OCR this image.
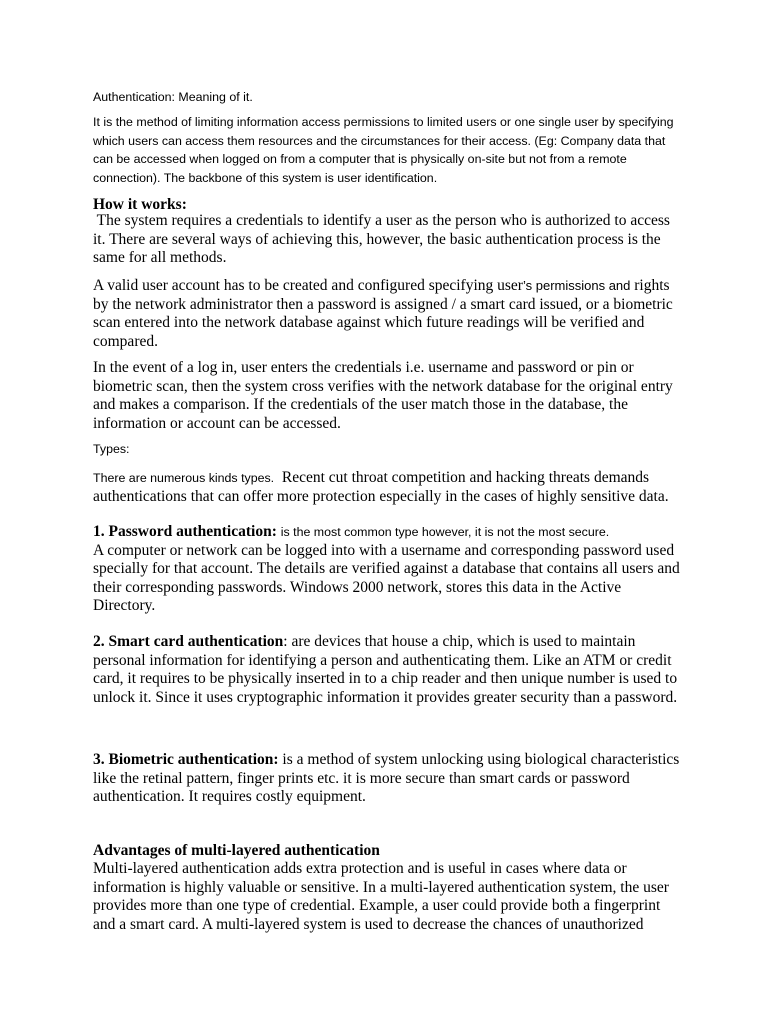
Authentication: Meaning of it.

It is the method of limiting information access permissions to limited users or one single user by specifying which users can access them resources and the circumstances for their access. (Eg: Company data that can be accessed when logged on from a computer that is physically on-site but not from a remote connection). The backbone of this system is user identification.

How it works:

The system requires a credentials to identify a user as the person who is authorized to access it. There are several ways of achieving this, however, the basic authentication process is the same for all methods.

A valid user account has to be created and configured specifying user’s permissions and rights by the network administrator then a password is assigned / a smart card issued, or a biometric scan entered into the network database against which future readings will be verified and compared.

In the event of a log in, user enters the credentials i.e. username and password or pin or biometric scan, then the system cross verifies with the network database for the original entry and makes a comparison. If the credentials of the user match those in the database, the information or account can be accessed.

Types:

There are numerous kinds types. Recent cut throat competition and hacking threats demands authentications that can offer more protection especially in the cases of highly sensitive data.

1. Password authentication: is the most common type however, it is not the most secure.
A computer or network can be logged into with a username and corresponding password used specially for that account. The details are verified against a database that contains all users and their corresponding passwords. Windows 2000 network, stores this data in the Active Directory.

2. Smart card authentication: are devices that house a chip, which is used to maintain personal information for identifying a person and authenticating them. Like an ATM or credit card, it requires to be physically inserted in to a chip reader and then unique number is used to unlock it. Since it uses cryptographic information it provides greater security than a password.

3. Biometric authentication: is a method of system unlocking using biological characteristics like the retinal pattern, finger prints etc. it is more secure than smart cards or password authentication. It requires costly equipment.

Advantages of multi-layered authentication

Multi-layered authentication adds extra protection and is useful in cases where data or information is highly valuable or sensitive. In a multi-layered authentication system, the user provides more than one type of credential. Example, a user could provide both a fingerprint and a smart card. A multi-layered system is used to decrease the chances of unauthorized
